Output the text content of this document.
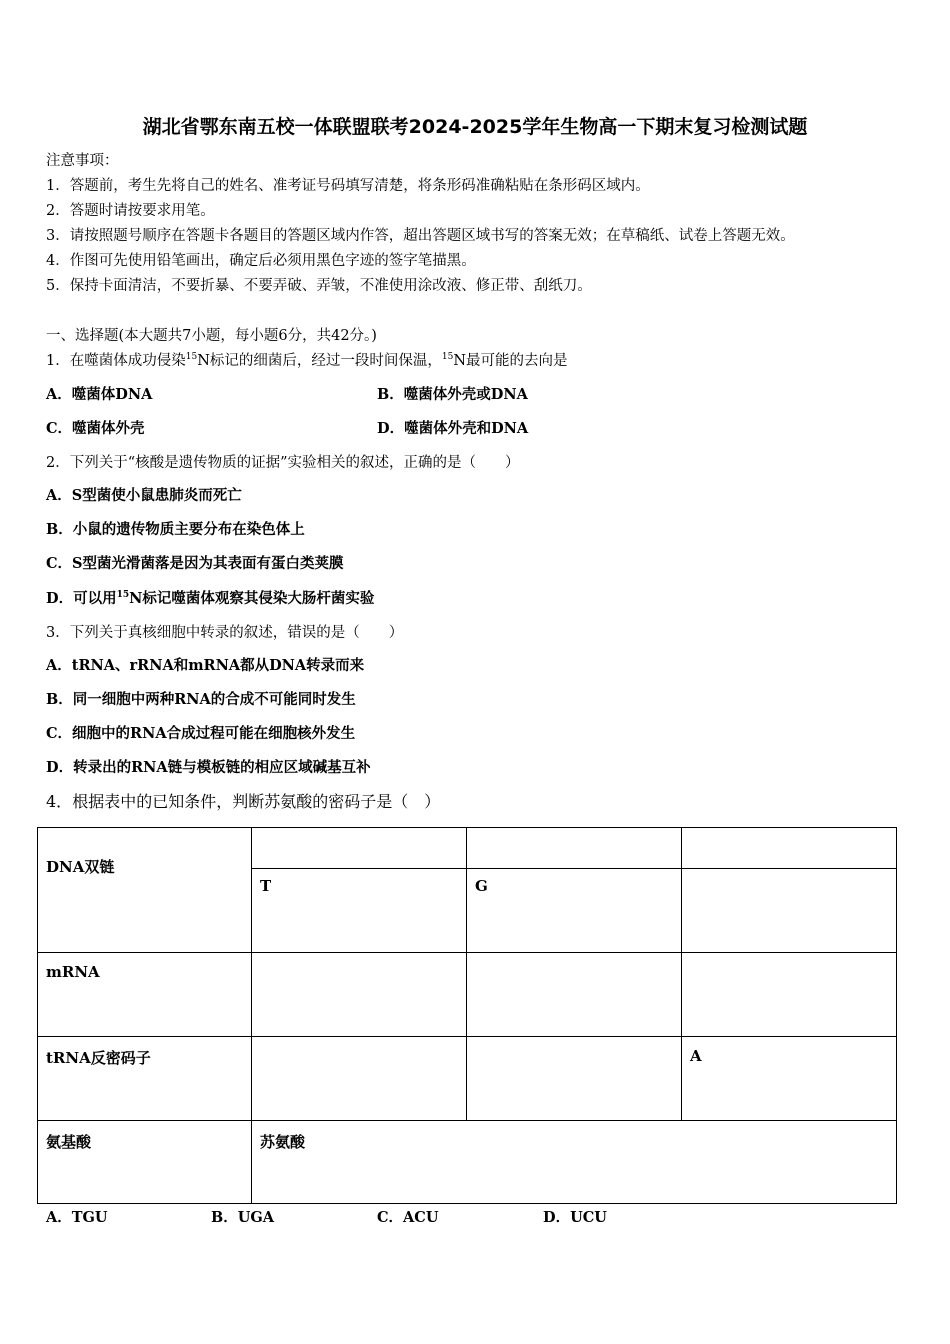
湖北省鄂东南五校一体联盟联考2024-2025学年生物高一下期末复习检测试题
注意事项：
1．答题前，考生先将自己的姓名、准考证号码填写清楚，将条形码准确粘贴在条形码区域内。
2．答题时请按要求用笔。
3．请按照题号顺序在答题卡各题目的答题区域内作答，超出答题区域书写的答案无效；在草稿纸、试卷上答题无效。
4．作图可先使用铅笔画出，确定后必须用黑色字迹的签字笔描黑。
5．保持卡面清洁，不要折暴、不要弄破、弄皱，不准使用涂改液、修正带、刮纸刀。
一、选择题(本大题共7小题，每小题6分，共42分。)
1．在噬菌体成功侵染$^{15}$N标记的细菌后，经过一段时间保温，$^{15}$N最可能的去向是
A．噬菌体DNA	B．噬菌体外壳或DNA
C．噬菌体外壳	D．噬菌体外壳和DNA
2．下列关于“核酸是遗传物质的证据”实验相关的叙述，正确的是（　　）
A．S型菌使小鼠患肺炎而死亡
B．小鼠的遗传物质主要分布在染色体上
C．S型菌光滑菌落是因为其表面有蛋白类荚膜
D．可以用$^{15}$N标记噬菌体观察其侵染大肠杆菌实验
3．下列关于真核细胞中转录的叙述，错误的是（　　）
A．tRNA、rRNA和mRNA都从DNA转录而来
B．同一细胞中两种RNA的合成不可能同时发生
C．细胞中的RNA合成过程可能在细胞核外发生
D．转录出的RNA链与模板链的相应区域碱基互补
4．根据表中的已知条件，判断苏氨酸的密码子是（　）
DNA双链			

	T	G	

mRNA			

tRNA反密码子			A

氨基酸	苏氨酸		
A．TGU	B．UGA	C．ACU	D．UCU
